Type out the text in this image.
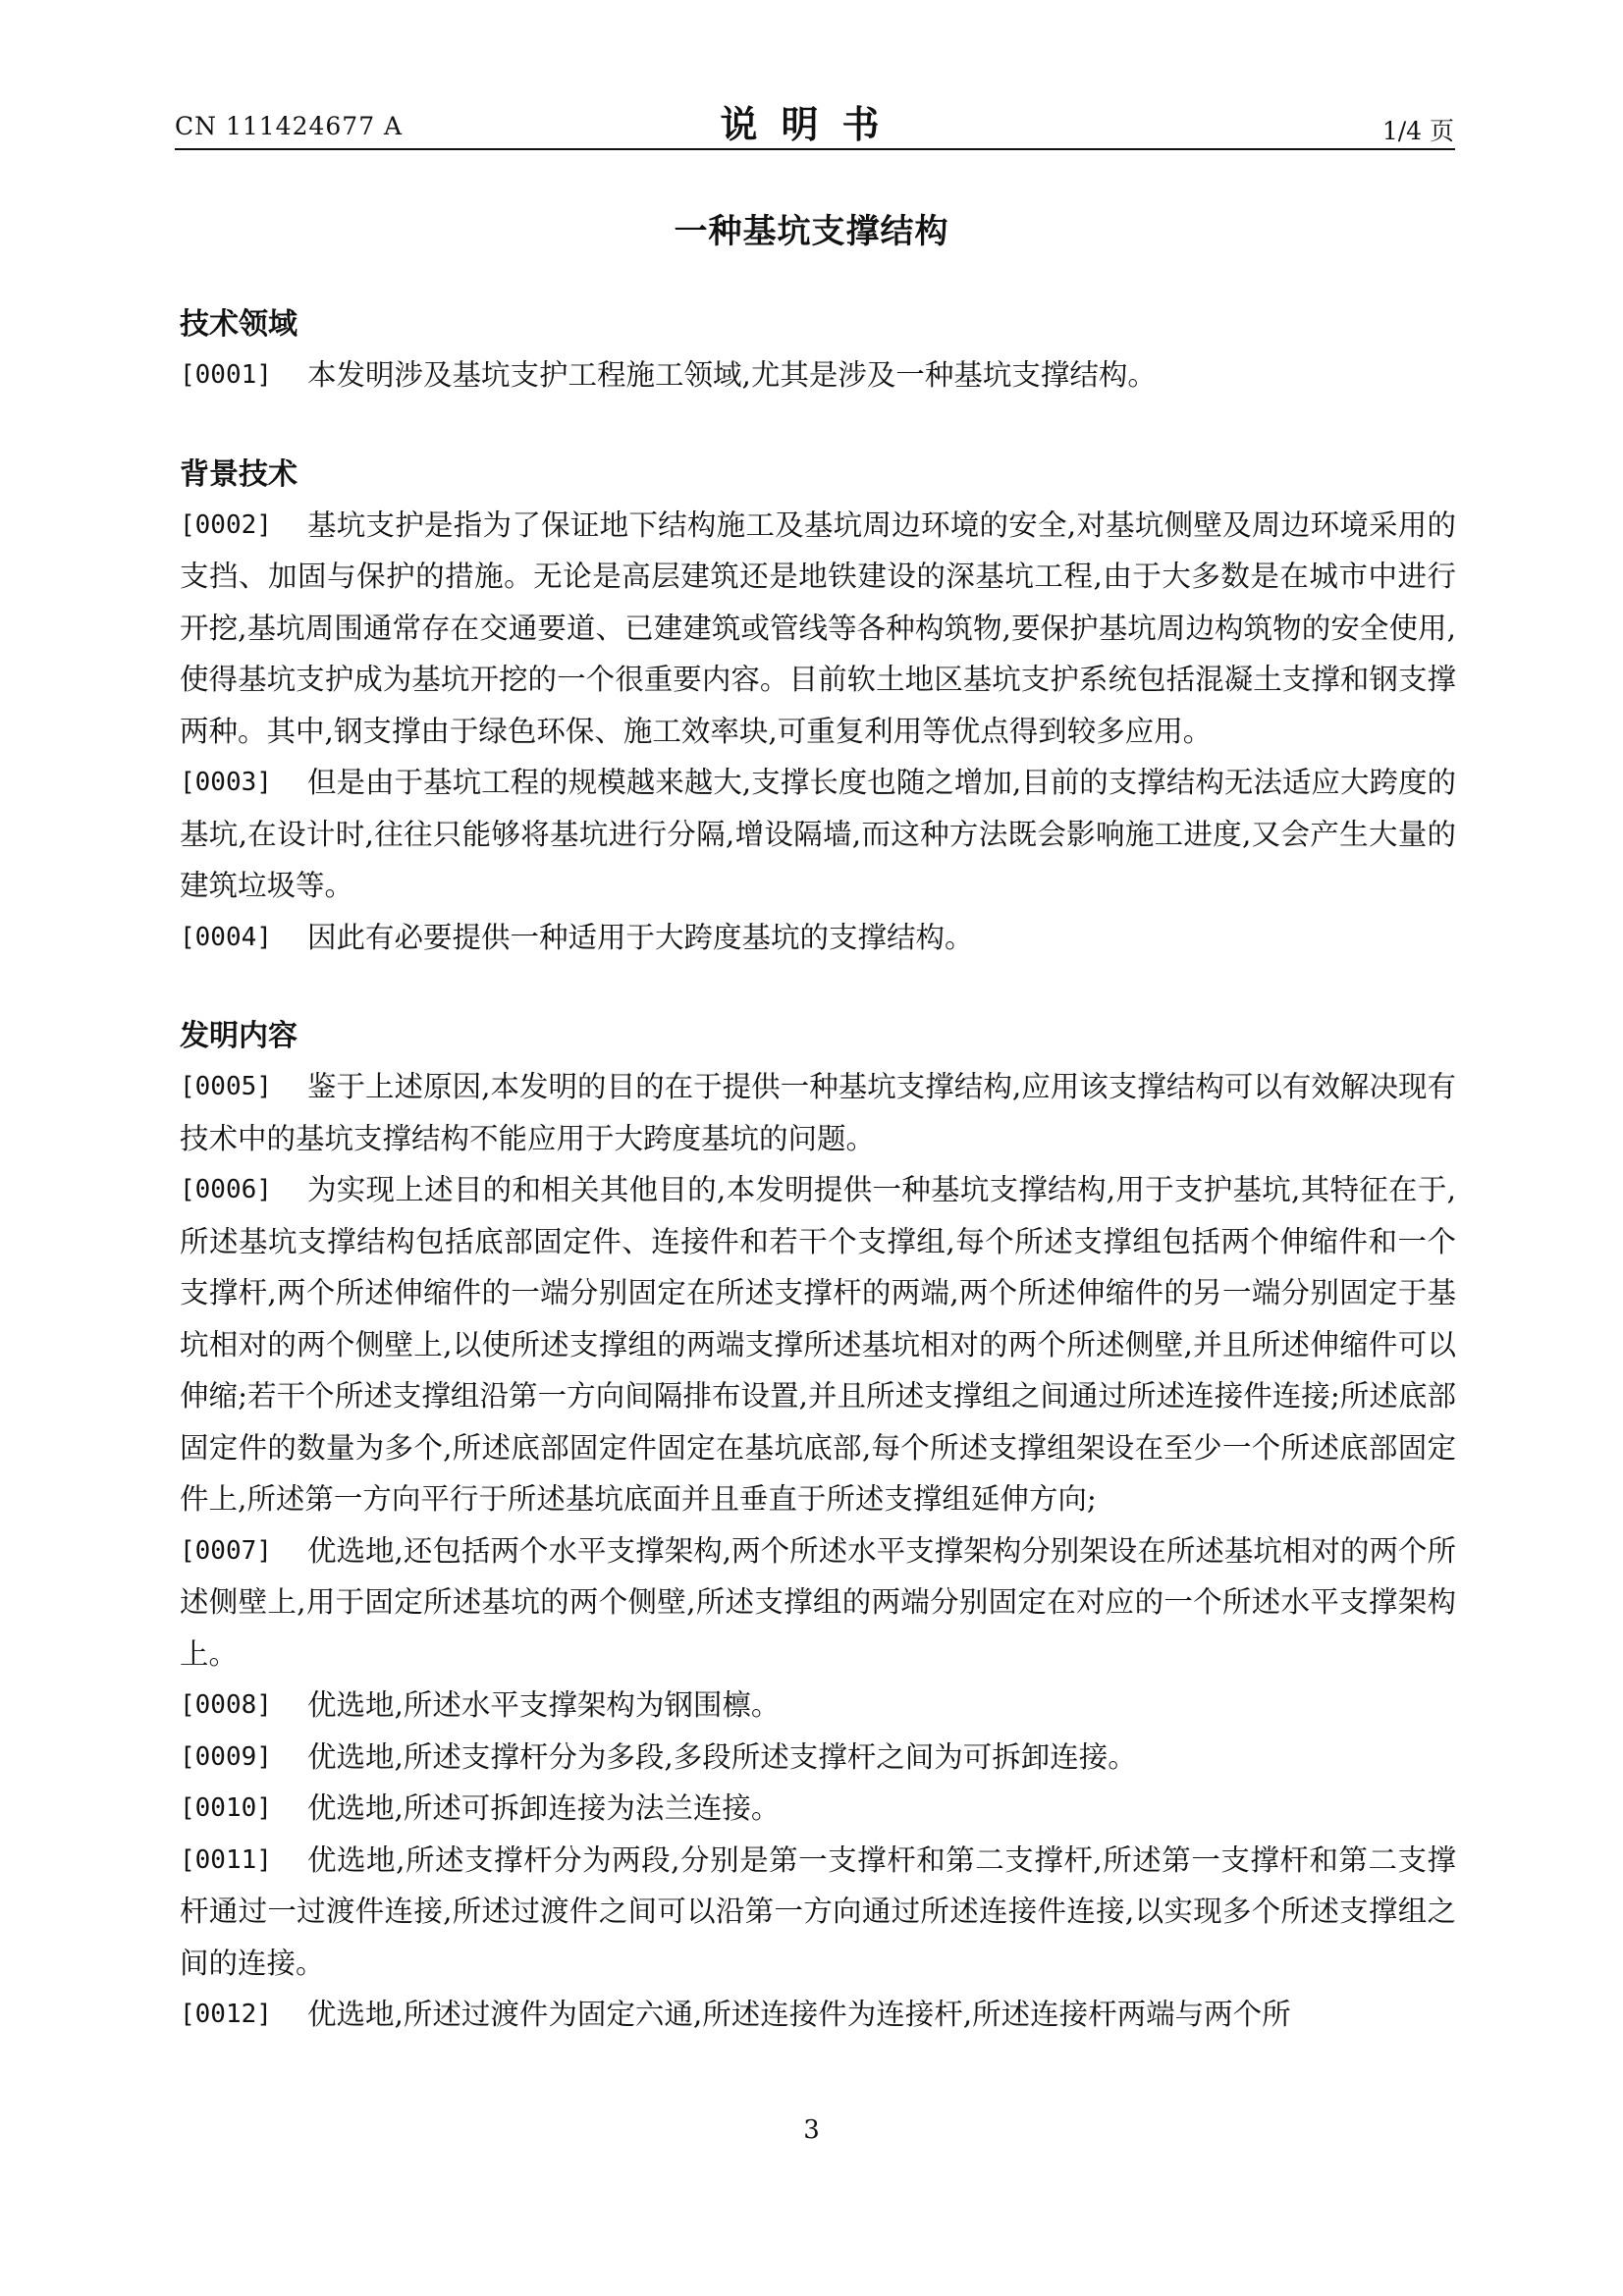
CN 111424677 A	说明书	1/4 页
一种基坑支撑结构
技术领域

[0001] 本发明涉及基坑支护工程施工领域,尤其是涉及一种基坑支撑结构。

背景技术

[0002] 基坑支护是指为了保证地下结构施工及基坑周边环境的安全,对基坑侧壁及周边环境采用的支挡、加固与保护的措施。无论是高层建筑还是地铁建设的深基坑工程,由于大多数是在城市中进行开挖,基坑周围通常存在交通要道、已建建筑或管线等各种构筑物,要保护基坑周边构筑物的安全使用,使得基坑支护成为基坑开挖的一个很重要内容。目前软土地区基坑支护系统包括混凝土支撑和钢支撑两种。其中,钢支撑由于绿色环保、施工效率块,可重复利用等优点得到较多应用。

[0003] 但是由于基坑工程的规模越来越大,支撑长度也随之增加,目前的支撑结构无法适应大跨度的基坑,在设计时,往往只能够将基坑进行分隔,增设隔墙,而这种方法既会影响施工进度,又会产生大量的建筑垃圾等。

[0004] 因此有必要提供一种适用于大跨度基坑的支撑结构。

发明内容

[0005] 鉴于上述原因,本发明的目的在于提供一种基坑支撑结构,应用该支撑结构可以有效解决现有技术中的基坑支撑结构不能应用于大跨度基坑的问题。

[0006] 为实现上述目的和相关其他目的,本发明提供一种基坑支撑结构,用于支护基坑,其特征在于,所述基坑支撑结构包括底部固定件、连接件和若干个支撑组,每个所述支撑组包括两个伸缩件和一个支撑杆,两个所述伸缩件的一端分别固定在所述支撑杆的两端,两个所述伸缩件的另一端分别固定于基坑相对的两个侧壁上,以使所述支撑组的两端支撑所述基坑相对的两个所述侧壁,并且所述伸缩件可以伸缩;若干个所述支撑组沿第一方向间隔排布设置,并且所述支撑组之间通过所述连接件连接;所述底部固定件的数量为多个,所述底部固定件固定在基坑底部,每个所述支撑组架设在至少一个所述底部固定件上,所述第一方向平行于所述基坑底面并且垂直于所述支撑组延伸方向;

[0007] 优选地,还包括两个水平支撑架构,两个所述水平支撑架构分别架设在所述基坑相对的两个所述侧壁上,用于固定所述基坑的两个侧壁,所述支撑组的两端分别固定在对应的一个所述水平支撑架构上。

[0008] 优选地,所述水平支撑架构为钢围檩。

[0009] 优选地,所述支撑杆分为多段,多段所述支撑杆之间为可拆卸连接。

[0010] 优选地,所述可拆卸连接为法兰连接。

[0011] 优选地,所述支撑杆分为两段,分别是第一支撑杆和第二支撑杆,所述第一支撑杆和第二支撑杆通过一过渡件连接,所述过渡件之间可以沿第一方向通过所述连接件连接,以实现多个所述支撑组之间的连接。

[0012] 优选地,所述过渡件为固定六通,所述连接件为连接杆,所述连接杆两端与两个所

3
